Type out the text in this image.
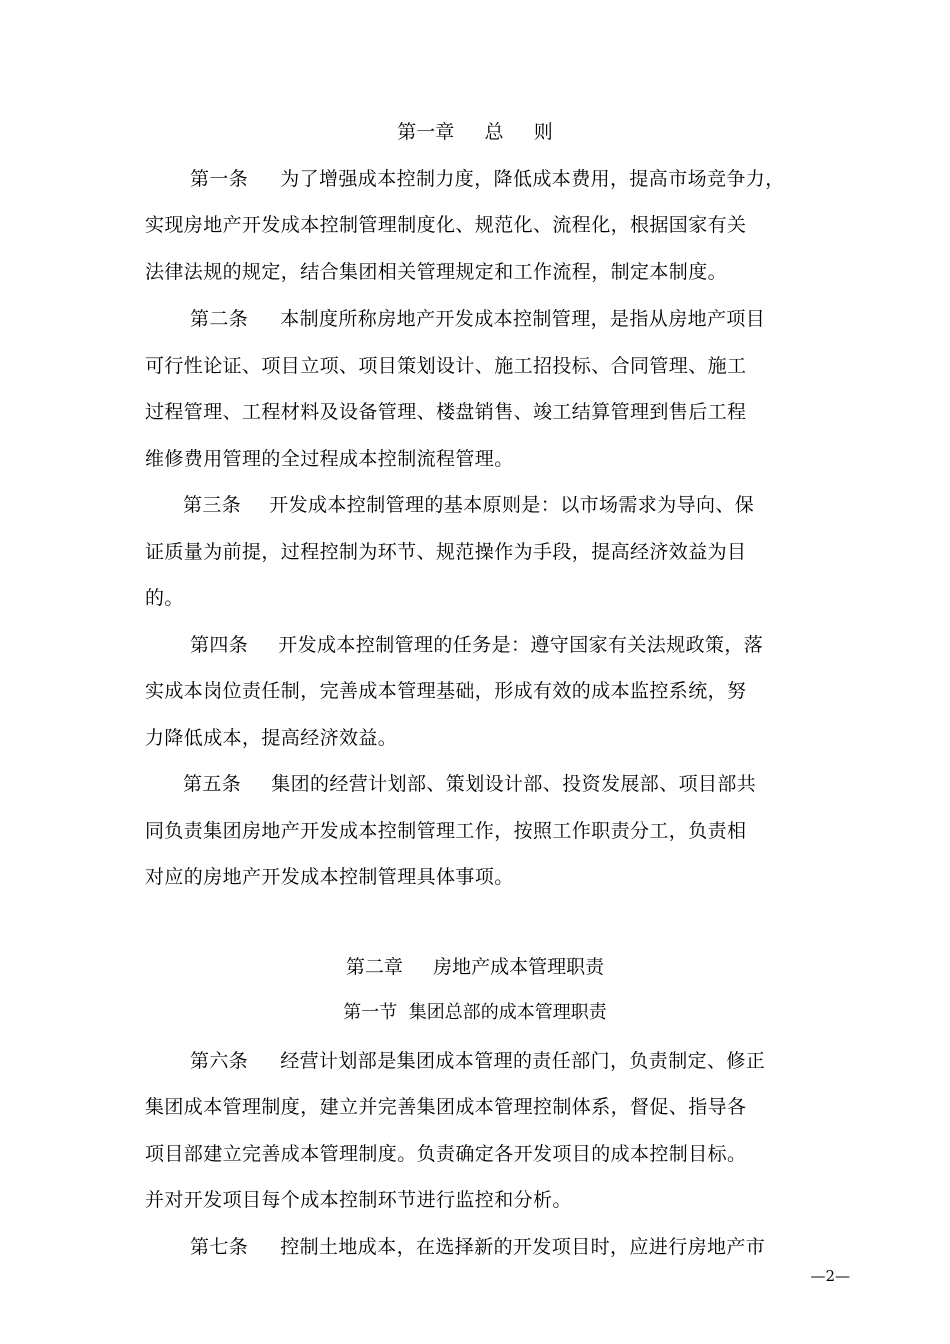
第一章     总     则
第一条 为了增强成本控制力度，降低成本费用，提高市场竞争力，
实现房地产开发成本控制管理制度化、规范化、流程化，根据国家有关
法律法规的规定，结合集团相关管理规定和工作流程，制定本制度。
第二条 本制度所称房地产开发成本控制管理，是指从房地产项目
可行性论证、项目立项、项目策划设计、施工招投标、合同管理、施工
过程管理、工程材料及设备管理、楼盘销售、竣工结算管理到售后工程
维修费用管理的全过程成本控制流程管理。
第三条 开发成本控制管理的基本原则是：以市场需求为导向、保
证质量为前提，过程控制为环节、规范操作为手段，提高经济效益为目
的。
第四条 开发成本控制管理的任务是：遵守国家有关法规政策，落
实成本岗位责任制，完善成本管理基础，形成有效的成本监控系统，努
力降低成本，提高经济效益。
第五条 集团的经营计划部、策划设计部、投资发展部、项目部共
同负责集团房地产开发成本控制管理工作，按照工作职责分工，负责相
对应的房地产开发成本控制管理具体事项。
第二章     房地产成本管理职责
第一节  集团总部的成本管理职责
第六条 经营计划部是集团成本管理的责任部门，负责制定、修正
集团成本管理制度，建立并完善集团成本管理控制体系，督促、指导各
项目部建立完善成本管理制度。负责确定各开发项目的成本控制目标。
并对开发项目每个成本控制环节进行监控和分析。
第七条 控制土地成本，在选择新的开发项目时，应进行房地产市
—2—
